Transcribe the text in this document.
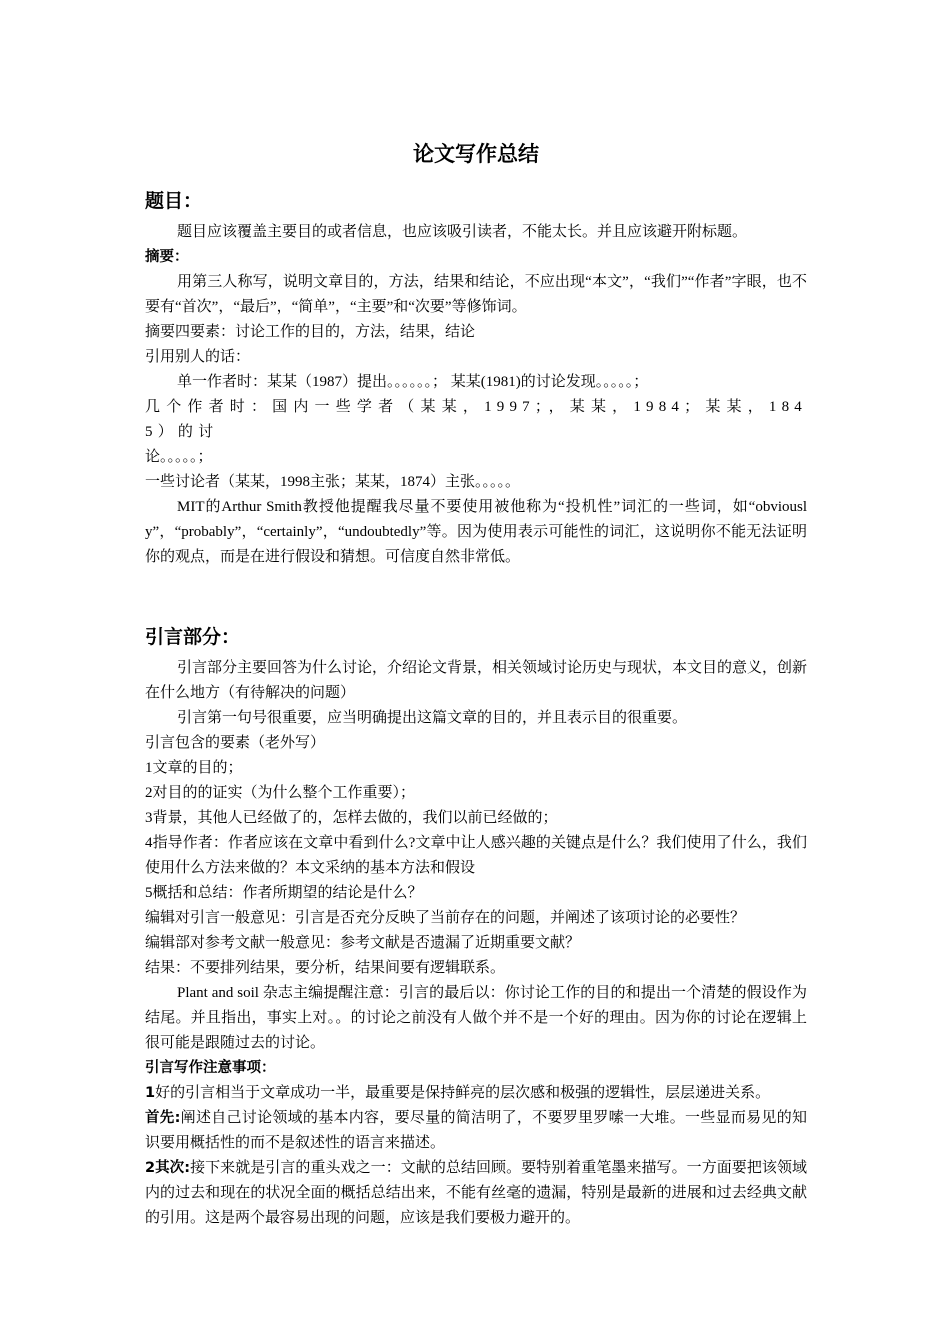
论文写作总结
题目：

题目应该覆盖主要目的或者信息，也应该吸引读者，不能太长。并且应该避开附标题。

摘要：

用第三人称写，说明文章目的，方法，结果和结论，不应出现“本文”，“我们”“作者”字眼，也不要有“首次”，“最后”，“简单”，“主要”和“次要”等修饰词。

摘要四要素：讨论工作的目的，方法，结果，结论

引用别人的话：

单一作者时：某某（1987）提出。。。。。。； 某某(1981)的讨论发现。。。。。；

几个作者时：国内一些学者（某某，1997；，某某，1984；某某，1845）的讨

论。。。。。；

一些讨论者（某某，1998主张；某某，1874）主张。。。。。

MIT的Arthur Smith教授他提醒我尽量不要使用被他称为“投机性”词汇的一些词，如“obviously”，“probably”，“certainly”，“undoubtedly”等。因为使用表示可能性的词汇，这说明你不能无法证明你的观点，而是在进行假设和猜想。可信度自然非常低。

引言部分：

引言部分主要回答为什么讨论，介绍论文背景，相关领域讨论历史与现状，本文目的意义，创新在什么地方（有待解决的问题）

引言第一句号很重要，应当明确提出这篇文章的目的，并且表示目的很重要。

引言包含的要素（老外写）

1文章的目的；

2对目的的证实（为什么整个工作重要）；

3背景，其他人已经做了的，怎样去做的，我们以前已经做的；

4指导作者：作者应该在文章中看到什么?文章中让人感兴趣的关键点是什么？我们使用了什么，我们使用什么方法来做的？本文采纳的基本方法和假设

5概括和总结：作者所期望的结论是什么？

编辑对引言一般意见：引言是否充分反映了当前存在的问题，并阐述了该项讨论的必要性？

编辑部对参考文献一般意见：参考文献是否遗漏了近期重要文献？

结果：不要排列结果，要分析，结果间要有逻辑联系。

Plant and soil 杂志主编提醒注意：引言的最后以：你讨论工作的目的和提出一个清楚的假设作为结尾。并且指出，事实上对。。的讨论之前没有人做个并不是一个好的理由。因为你的讨论在逻辑上很可能是跟随过去的讨论。

引言写作注意事项：

1好的引言相当于文章成功一半，最重要是保持鲜亮的层次感和极强的逻辑性，层层递进关系。

首先:阐述自己讨论领域的基本内容，要尽量的简洁明了，不要罗里罗嗦一大堆。一些显而易见的知识要用概括性的而不是叙述性的语言来描述。

2其次:接下来就是引言的重头戏之一：文献的总结回顾。要特别着重笔墨来描写。一方面要把该领域内的过去和现在的状况全面的概括总结出来，不能有丝毫的遗漏，特别是最新的进展和过去经典文献的引用。这是两个最容易出现的问题，应该是我们要极力避开的。
